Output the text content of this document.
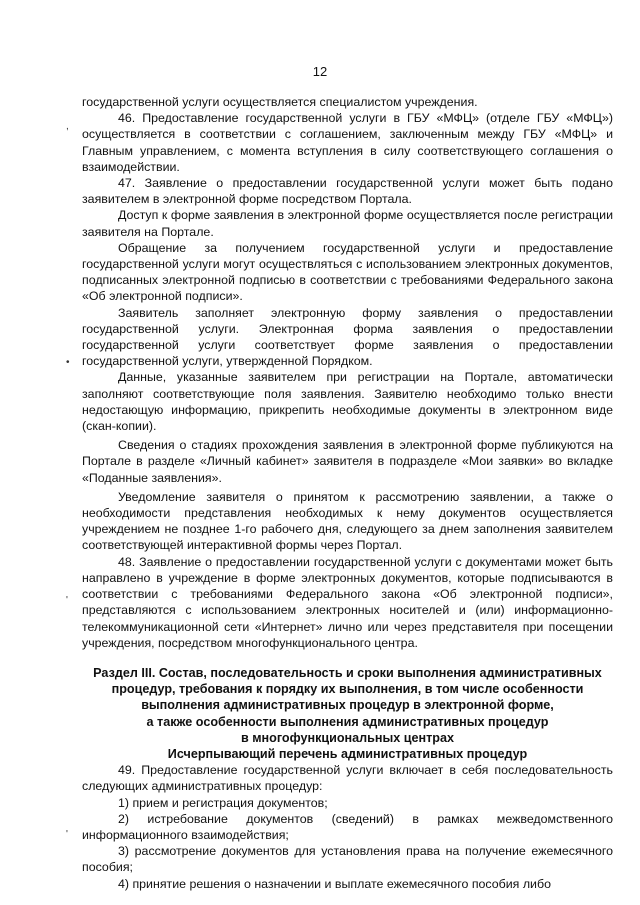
12
,
•
'
'

государственной услуги осуществляется специалистом учреждения.

46. Предоставление государственной услуги в ГБУ «МФЦ» (отделе ГБУ «МФЦ») осуществляется в соответствии с соглашением, заключенным между ГБУ «МФЦ» и Главным управлением, с момента вступления в силу соответствующего соглашения о взаимодействии.

47. Заявление о предоставлении государственной услуги может быть подано заявителем в электронной форме посредством Портала.

Доступ к форме заявления в электронной форме осуществляется после регистрации заявителя на Портале.

Обращение за получением государственной услуги и предоставление государственной услуги могут осуществляться с использованием электронных документов, подписанных электронной подписью в соответствии с требованиями Федерального закона «Об электронной подписи».

Заявитель заполняет электронную форму заявления о предоставлении государственной услуги. Электронная форма заявления о предоставлении государственной услуги соответствует форме заявления о предоставлении государственной услуги, утвержденной Порядком.

Данные, указанные заявителем при регистрации на Портале, автоматически заполняют соответствующие поля заявления. Заявителю необходимо только внести недостающую информацию, прикрепить необходимые документы в электронном виде (скан-копии).

Сведения о стадиях прохождения заявления в электронной форме публикуются на Портале в разделе «Личный кабинет» заявителя в подразделе «Мои заявки» во вкладке «Поданные заявления».

Уведомление заявителя о принятом к рассмотрению заявлении, а также о необходимости представления необходимых к нему документов осуществляется учреждением не позднее 1-го рабочего дня, следующего за днем заполнения заявителем соответствующей интерактивной формы через Портал.

48. Заявление о предоставлении государственной услуги с документами может быть направлено в учреждение в форме электронных документов, которые подписываются в соответствии с требованиями Федерального закона «Об электронной подписи», представляются с использованием электронных носителей и (или) информационно-телекоммуникационной сети «Интернет» лично или через представителя при посещении учреждения, посредством многофункционального центра.

Раздел III. Состав, последовательность и сроки выполнения административных

процедур, требования к порядку их выполнения, в том числе особенности

выполнения административных процедур в электронной форме,

а также особенности выполнения административных процедур

в многофункциональных центрах

Исчерпывающий перечень административных процедур

49. Предоставление государственной услуги включает в себя последовательность следующих административных процедур:

1) прием и регистрация документов;

2) истребование документов (сведений) в рамках межведомственного информационного взаимодействия;

3) рассмотрение документов для установления права на получение ежемесячного пособия;

4) принятие решения о назначении и выплате ежемесячного пособия либо
